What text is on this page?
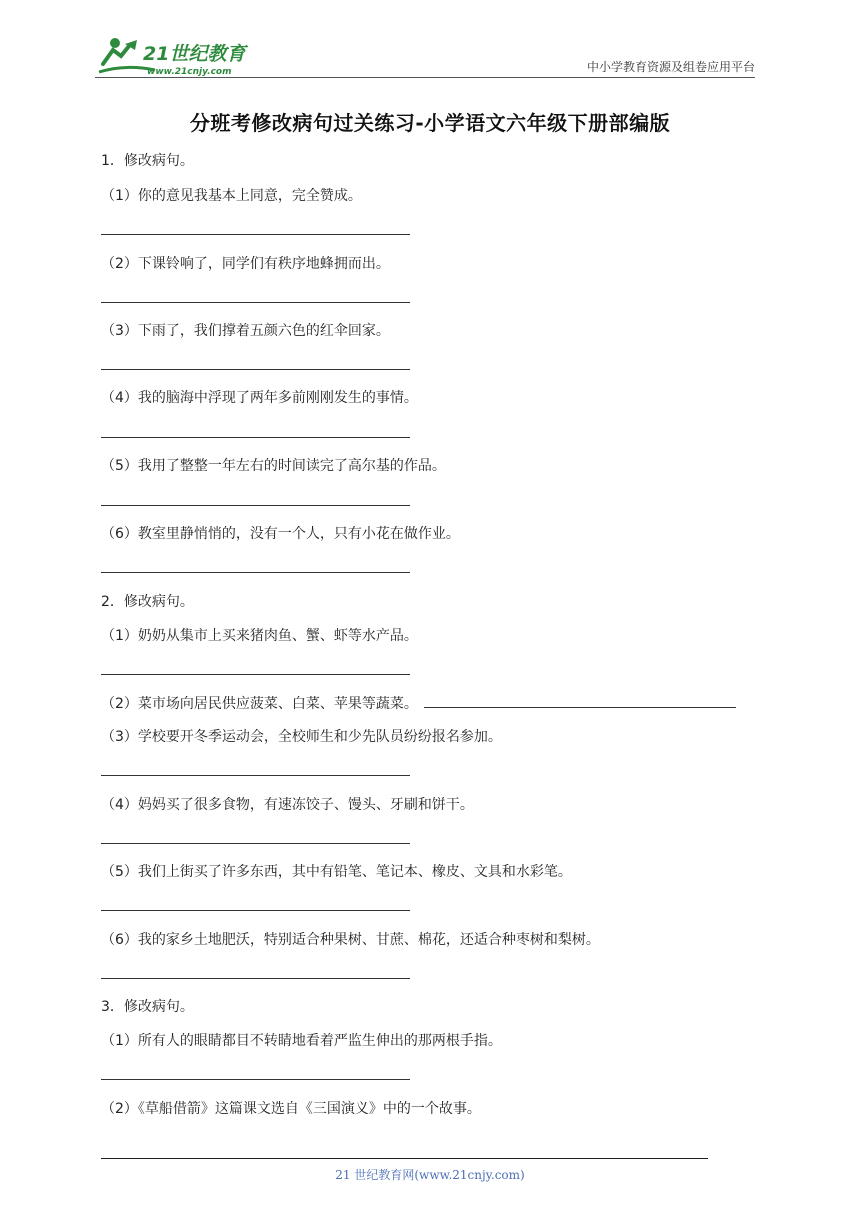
21世纪教育
www.21cnjy.com	中小学教育资源及组卷应用平台
分班考修改病句过关练习-小学语文六年级下册部编版
1．修改病句。
（1）你的意见我基本上同意，完全赞成。
（2）下课铃响了，同学们有秩序地蜂拥而出。
（3）下雨了，我们撑着五颜六色的红伞回家。
（4）我的脑海中浮现了两年多前刚刚发生的事情。
（5）我用了整整一年左右的时间读完了高尔基的作品。
（6）教室里静悄悄的，没有一个人，只有小花在做作业。
2．修改病句。
（1）奶奶从集市上买来猪肉鱼、蟹、虾等水产品。
（2）菜市场向居民供应菠菜、白菜、苹果等蔬菜。
（3）学校要开冬季运动会，全校师生和少先队员纷纷报名参加。
（4）妈妈买了很多食物，有速冻饺子、馒头、牙刷和饼干。
（5）我们上街买了许多东西，其中有铅笔、笔记本、橡皮、文具和水彩笔。
（6）我的家乡土地肥沃，特别适合种果树、甘蔗、棉花，还适合种枣树和梨树。
3．修改病句。
（1）所有人的眼睛都目不转睛地看着严监生伸出的那两根手指。
（2）《草船借箭》这篇课文选自《三国演义》中的一个故事。
21 世纪教育网(www.21cnjy.com)
